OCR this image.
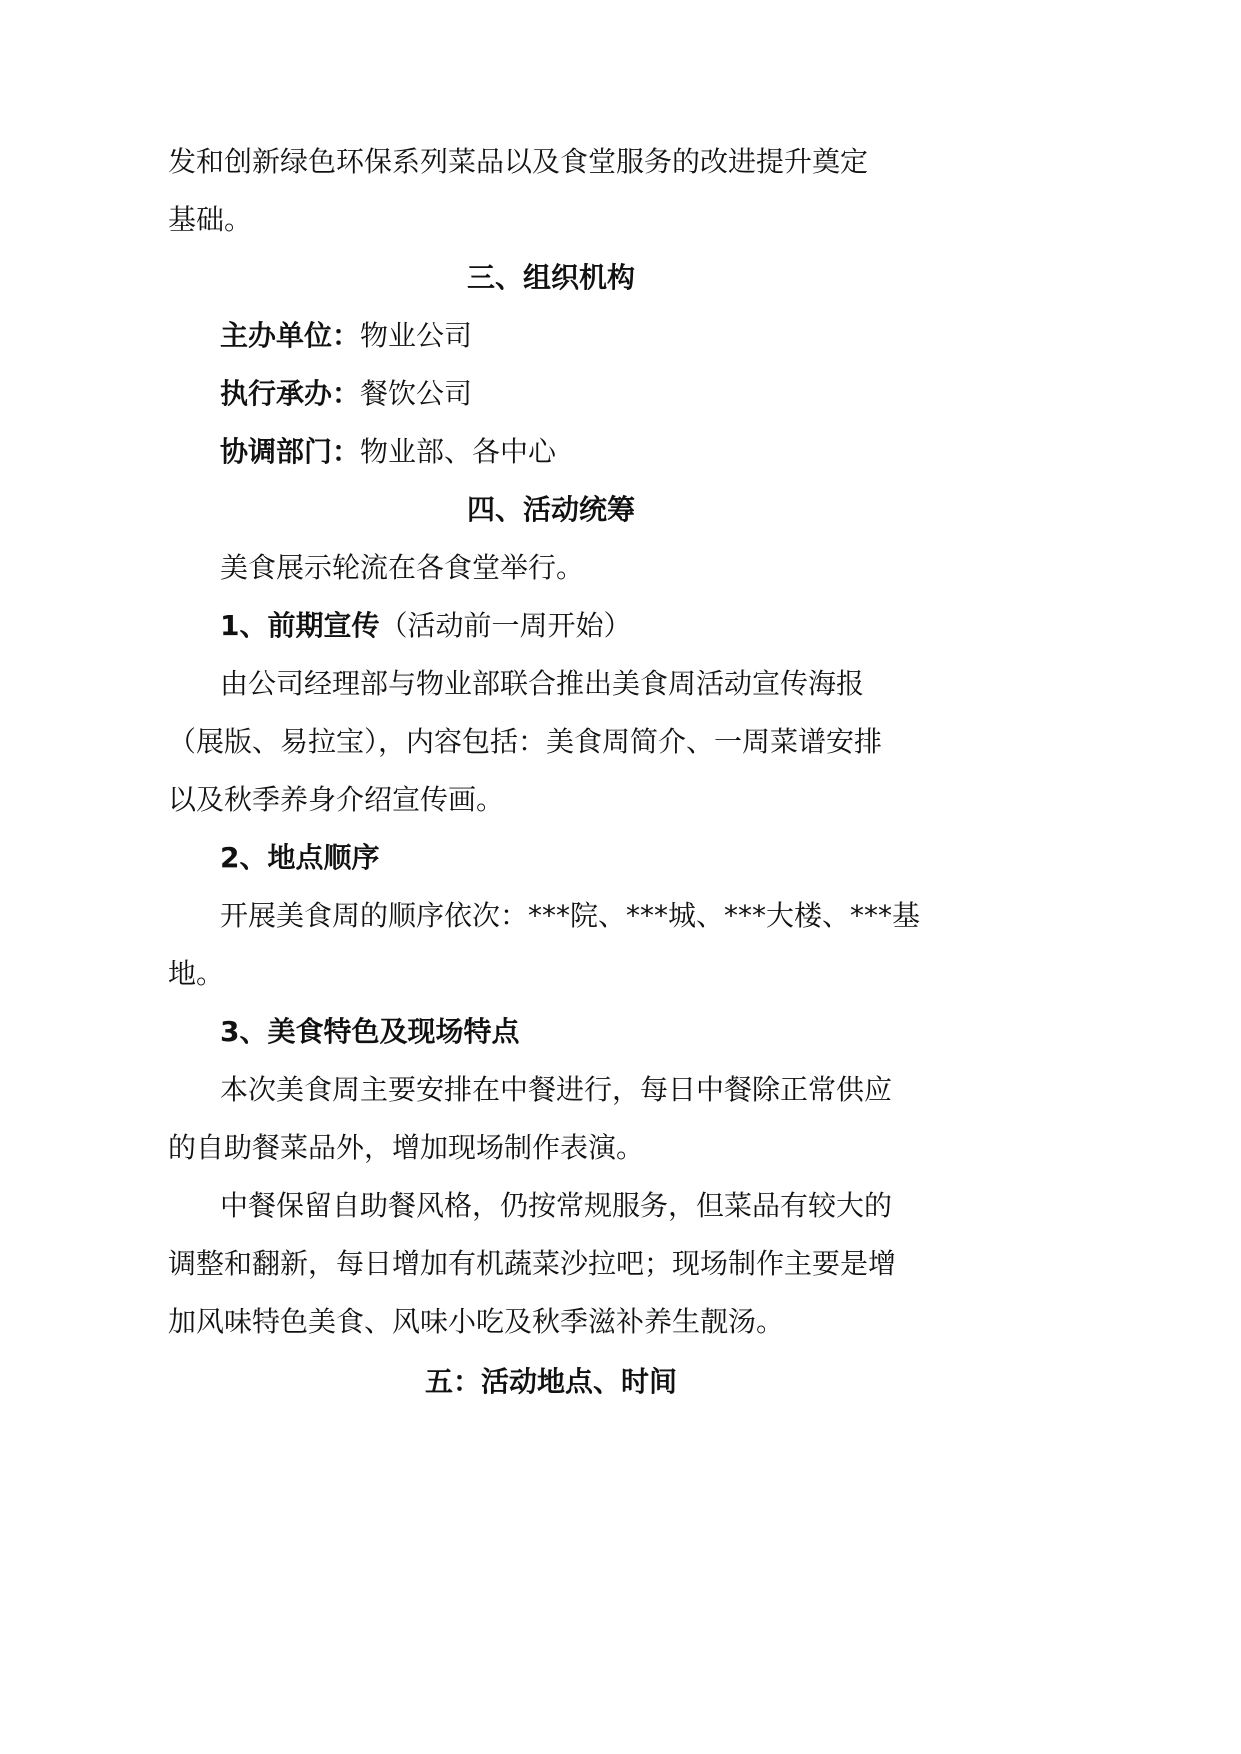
发和创新绿色环保系列菜品以及食堂服务的改进提升奠定
基础。
三、组织机构
主办单位：物业公司
执行承办：餐饮公司
协调部门：物业部、各中心
四、活动统筹
美食展示轮流在各食堂举行。
1、前期宣传（活动前一周开始）
由公司经理部与物业部联合推出美食周活动宣传海报
（展版、易拉宝），内容包括：美食周简介、一周菜谱安排
以及秋季养身介绍宣传画。
2、地点顺序
开展美食周的顺序依次：***院、***城、***大楼、***基
地。
3、美食特色及现场特点
本次美食周主要安排在中餐进行，每日中餐除正常供应
的自助餐菜品外，增加现场制作表演。
中餐保留自助餐风格，仍按常规服务，但菜品有较大的
调整和翻新，每日增加有机蔬菜沙拉吧；现场制作主要是增
加风味特色美食、风味小吃及秋季滋补养生靓汤。
五：活动地点、时间
